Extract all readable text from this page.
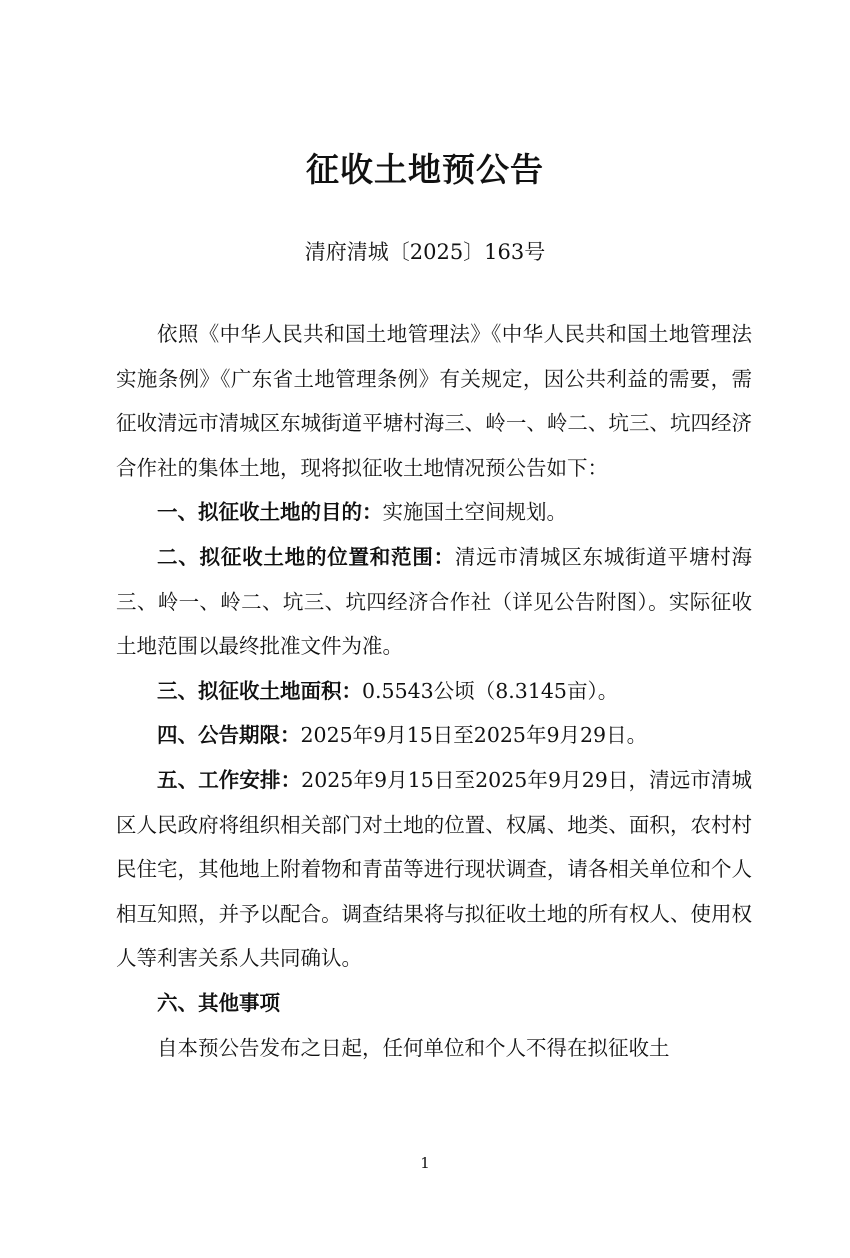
征收土地预公告
清府清城〔2025〕163号

依照《中华人民共和国土地管理法》《中华人民共和国土地管理法实施条例》《广东省土地管理条例》有关规定，因公共利益的需要，需征收清远市清城区东城街道平塘村海三、岭一、岭二、坑三、坑四经济合作社的集体土地，现将拟征收土地情况预公告如下：

一、拟征收土地的目的：实施国土空间规划。

二、拟征收土地的位置和范围：清远市清城区东城街道平塘村海三、岭一、岭二、坑三、坑四经济合作社（详见公告附图）。实际征收土地范围以最终批准文件为准。

三、拟征收土地面积：0.5543公顷（8.3145亩）。

四、公告期限：2025年9月15日至2025年9月29日。

五、工作安排：2025年9月15日至2025年9月29日，清远市清城区人民政府将组织相关部门对土地的位置、权属、地类、面积，农村村民住宅，其他地上附着物和青苗等进行现状调查，请各相关单位和个人相互知照，并予以配合。调查结果将与拟征收土地的所有权人、使用权人等利害关系人共同确认。

六、其他事项

自本预公告发布之日起，任何单位和个人不得在拟征收土

1
